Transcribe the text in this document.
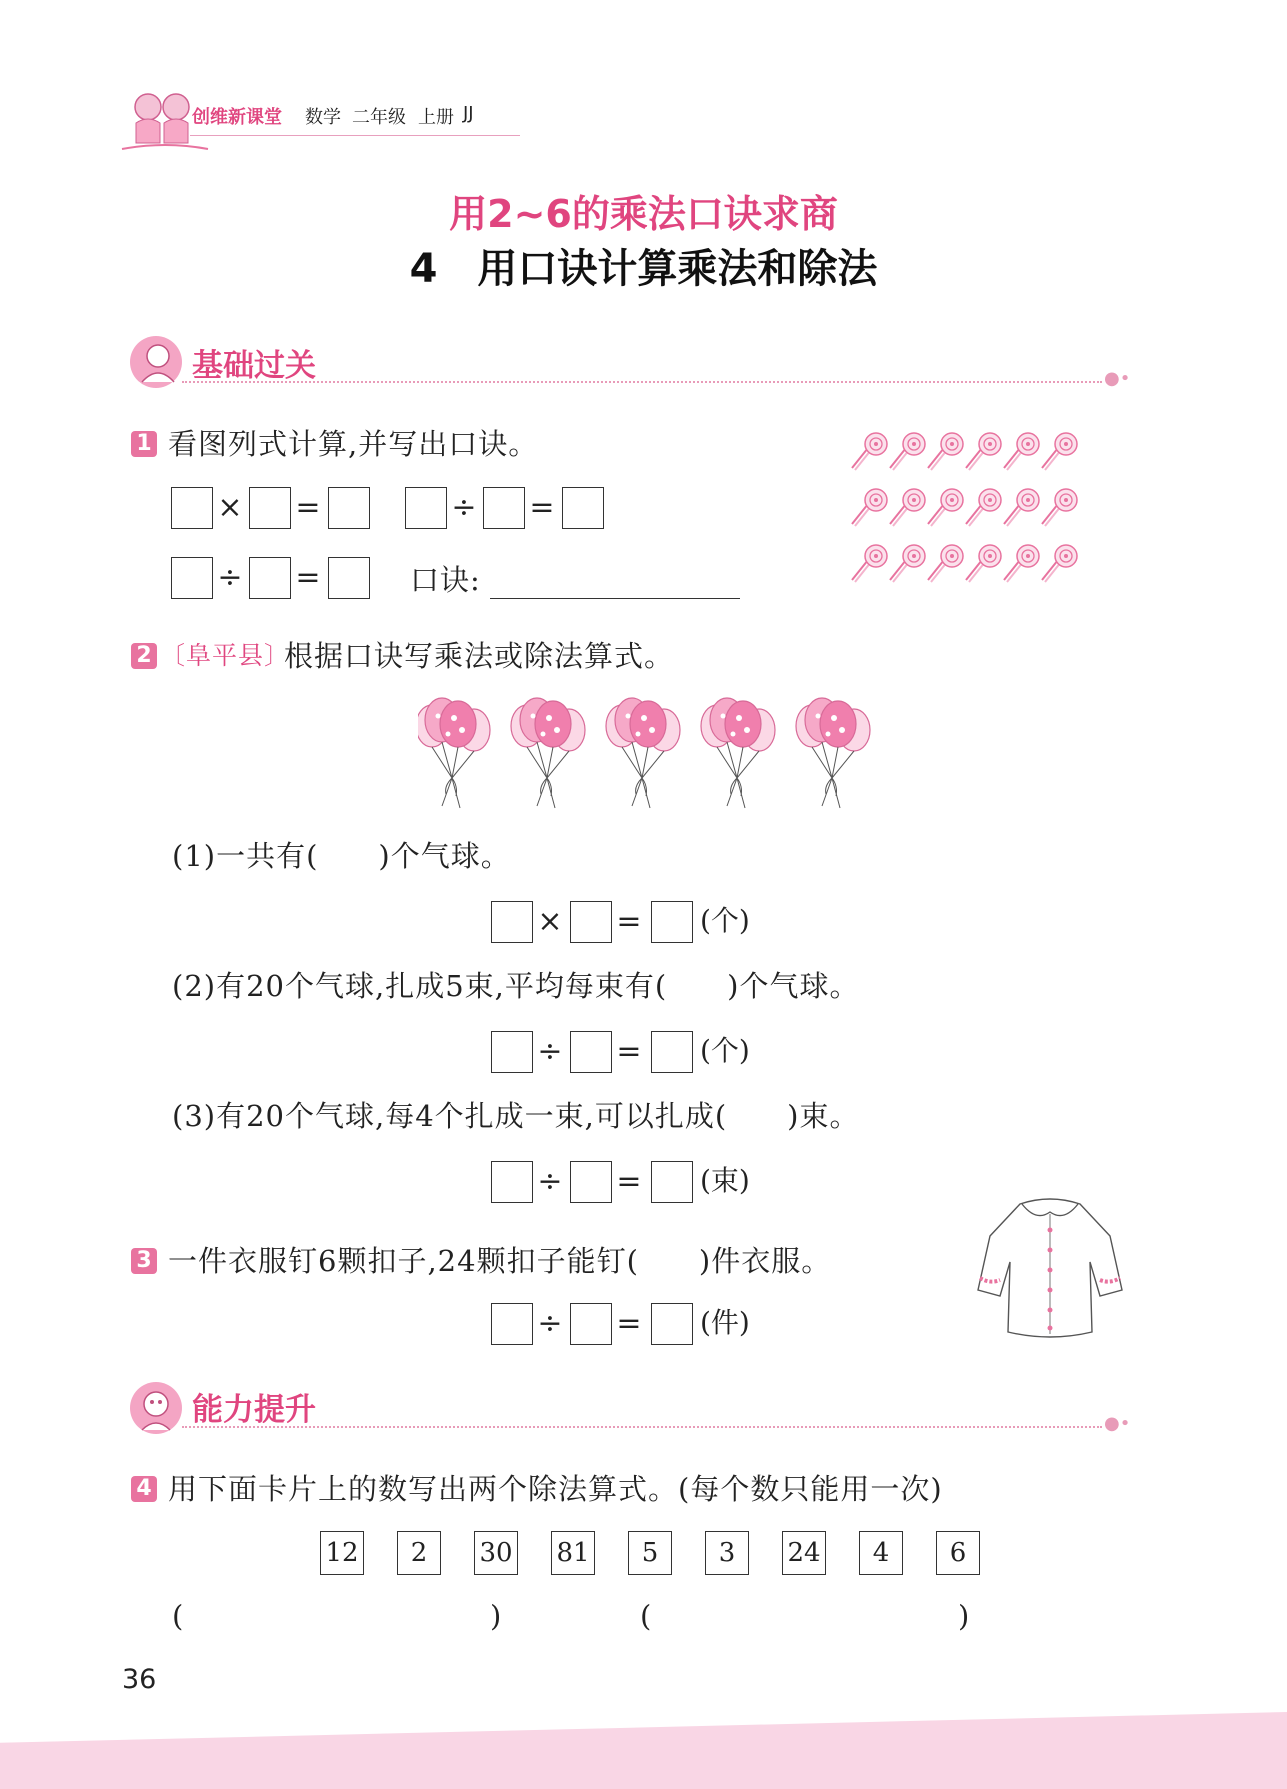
创维新课堂 数学 二年级 上册 JJ
用2~6的乘法口诀求商
4　用口诀计算乘法和除法
基础过关	●•
1 看图列式计算,并写出口诀。
× =	÷ =
÷ =	口诀:
2 〔阜平县〕
根据口诀写乘法或除法算式。
(1)一共有(　　)个气球。
× = (个)
(2)有20个气球,扎成5束,平均每束有(　　)个气球。
÷ = (个)
(3)有20个气球,每4个扎成一束,可以扎成(　　)束。
÷ = (束)
3 一件衣服钉6颗扣子,24颗扣子能钉(　　)件衣服。
÷ = (件)
能力提升	●•
4 用下面卡片上的数写出两个除法算式。(每个数只能用一次)
12	2	30 81	5	3	24	4	6
(	)	(	)
36
